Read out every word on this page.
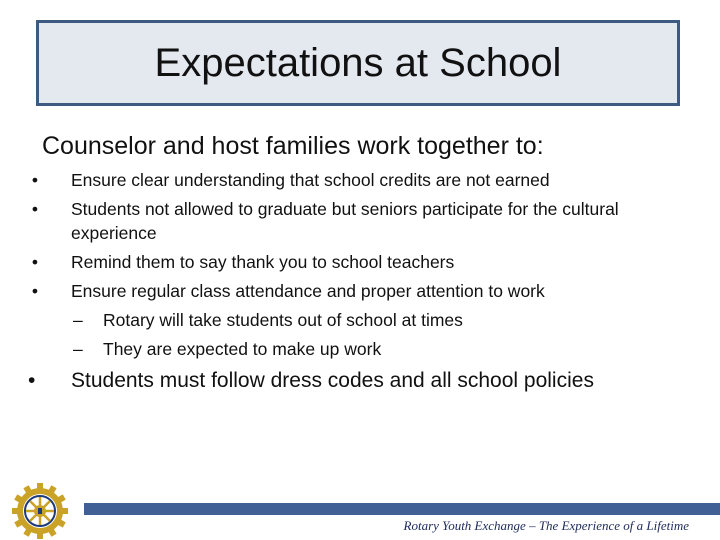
Expectations at School
Counselor and host families work together to:
• Ensure clear understanding that school credits are not earned
• Students not allowed to graduate but seniors participate for the cultural experience
• Remind them to say thank you to school teachers
• Ensure regular class attendance and proper attention to work
– Rotary will take students out of school at times
– They are expected to make up work
• Students must follow dress codes and all school policies
Rotary Youth Exchange – The Experience of a Lifetime
